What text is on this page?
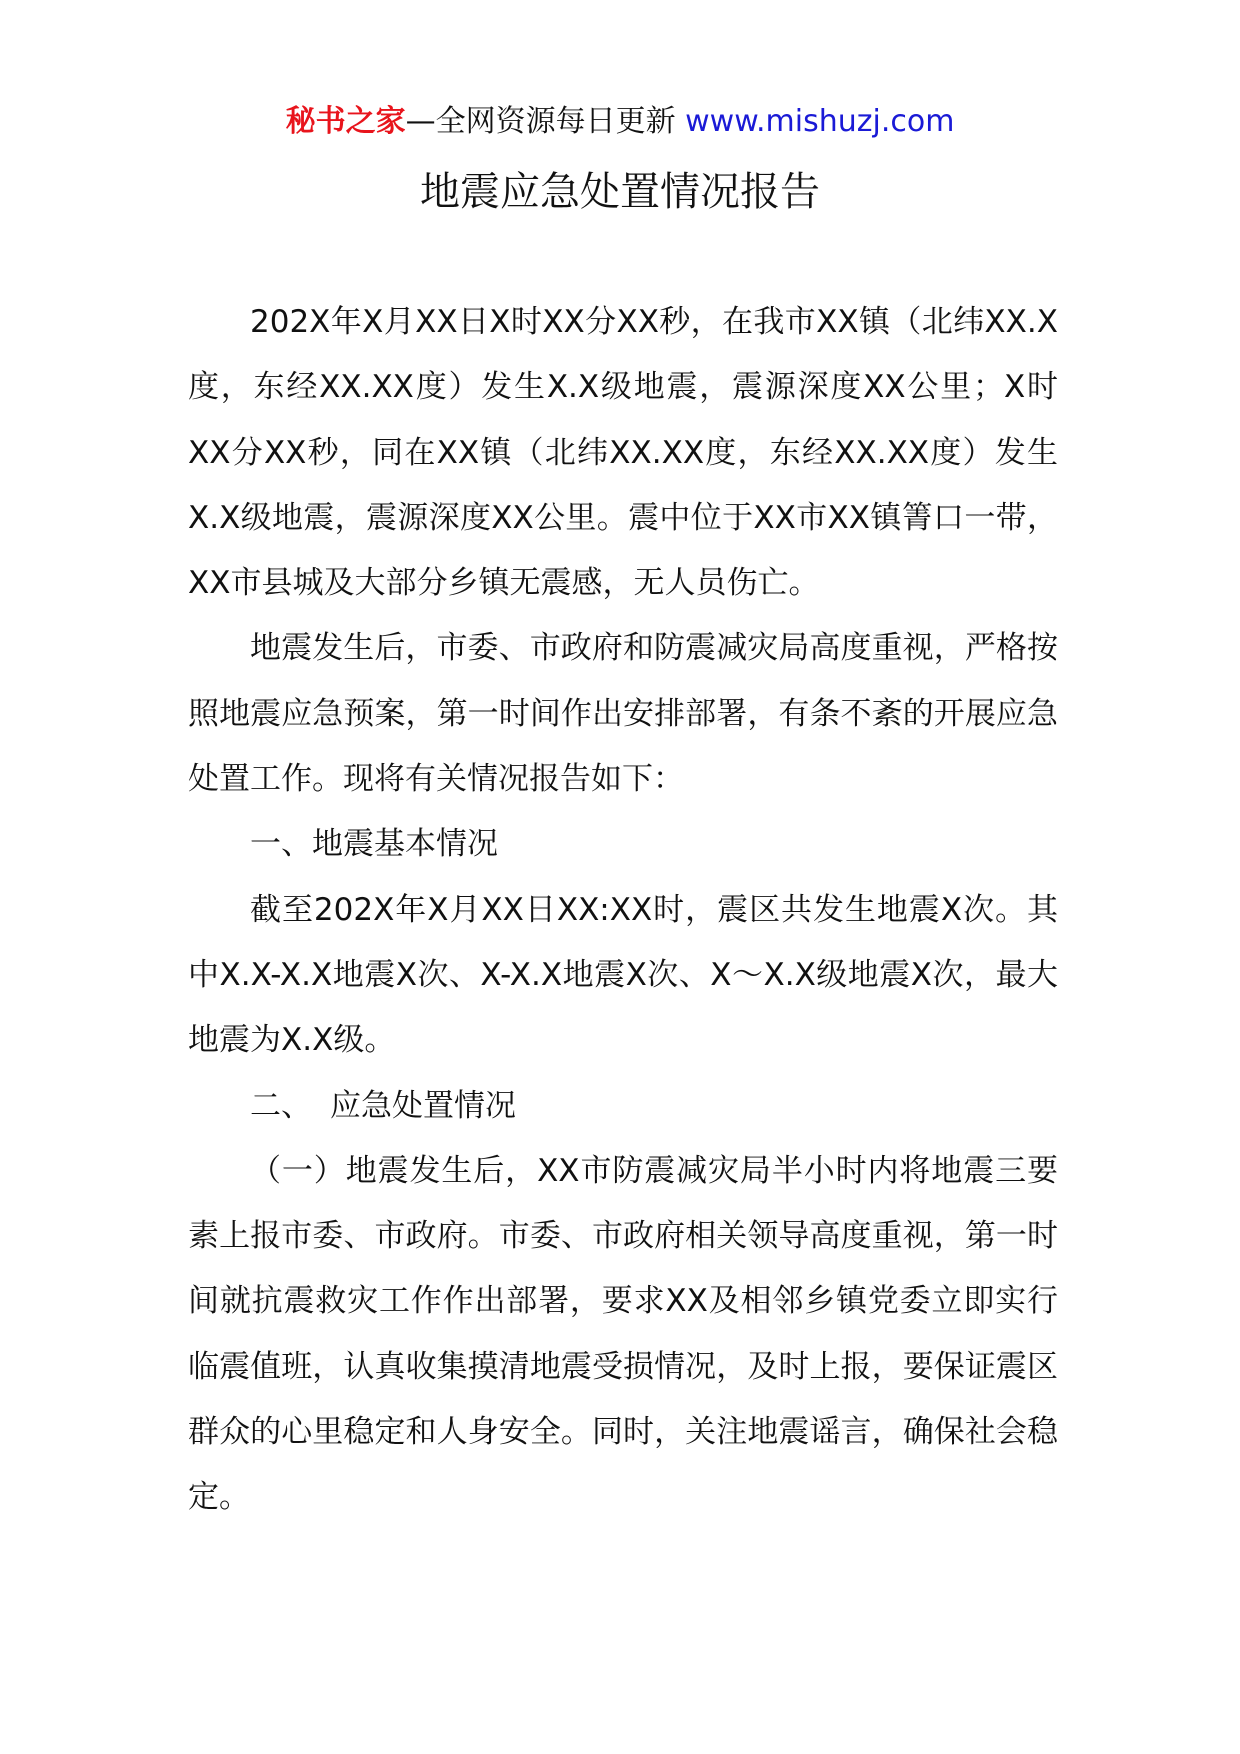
秘书之家—全网资源每日更新 www.mishuzj.com
地震应急处置情况报告

202X年X月XX日X时XX分XX秒，在我市XX镇（北纬XX.X度，东经XX.XX度）发生X.X级地震，震源深度XX公里；X时XX分XX秒，同在XX镇（北纬XX.XX度，东经XX.XX度）发生X.X级地震，震源深度XX公里。震中位于XX市XX镇箐口一带，XX市县城及大部分乡镇无震感，无人员伤亡。

地震发生后，市委、市政府和防震减灾局高度重视，严格按照地震应急预案，第一时间作出安排部署，有条不紊的开展应急处置工作。现将有关情况报告如下：

一、地震基本情况

截至202X年X月XX日XX:XX时，震区共发生地震X次。其中X.X-X.X地震X次、X-X.X地震X次、X～X.X级地震X次，最大地震为X.X级。

二、 应急处置情况

（一）地震发生后，XX市防震减灾局半小时内将地震三要素上报市委、市政府。市委、市政府相关领导高度重视，第一时间就抗震救灾工作作出部署，要求XX及相邻乡镇党委立即实行临震值班，认真收集摸清地震受损情况，及时上报，要保证震区群众的心里稳定和人身安全。同时，关注地震谣言，确保社会稳定。
